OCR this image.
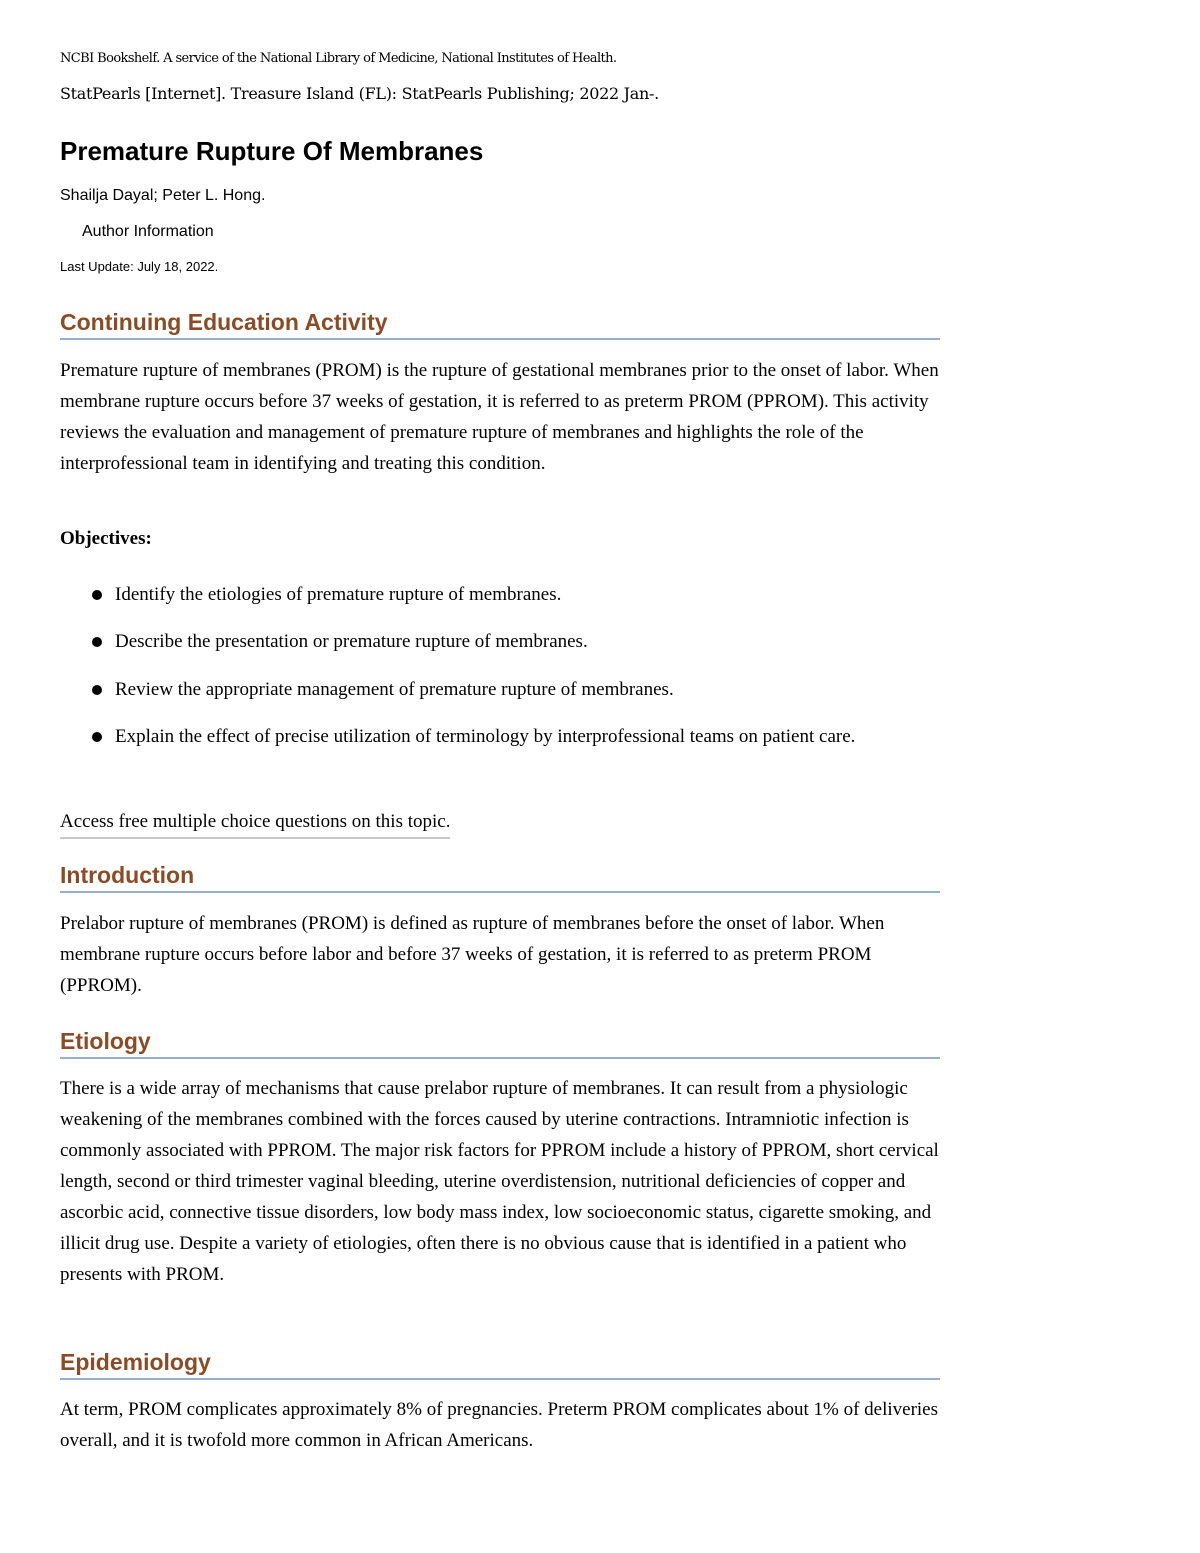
NCBI Bookshelf. A service of the National Library of Medicine, National Institutes of Health.
StatPearls [Internet]. Treasure Island (FL): StatPearls Publishing; 2022 Jan-.
Premature Rupture Of Membranes
Shailja Dayal; Peter L. Hong.
Author Information
Last Update: July 18, 2022.
Continuing Education Activity

Premature rupture of membranes (PROM) is the rupture of gestational membranes prior to the onset of labor. When membrane rupture occurs before 37 weeks of gestation, it is referred to as preterm PROM (PPROM). This activity reviews the evaluation and management of premature rupture of membranes and highlights the role of the interprofessional team in identifying and treating this condition.

Objectives:
Identify the etiologies of premature rupture of membranes.
Describe the presentation or premature rupture of membranes.
Review the appropriate management of premature rupture of membranes.
Explain the effect of precise utilization of terminology by interprofessional teams on patient care.
Access free multiple choice questions on this topic.
Introduction

Prelabor rupture of membranes (PROM) is defined as rupture of membranes before the onset of labor. When membrane rupture occurs before labor and before 37 weeks of gestation, it is referred to as preterm PROM (PPROM).

Etiology

There is a wide array of mechanisms that cause prelabor rupture of membranes. It can result from a physiologic weakening of the membranes combined with the forces caused by uterine contractions. Intramniotic infection is commonly associated with PPROM. The major risk factors for PPROM include a history of PPROM, short cervical length, second or third trimester vaginal bleeding, uterine overdistension, nutritional deficiencies of copper and ascorbic acid, connective tissue disorders, low body mass index, low socioeconomic status, cigarette smoking, and illicit drug use. Despite a variety of etiologies, often there is no obvious cause that is identified in a patient who presents with PROM.

Epidemiology

At term, PROM complicates approximately 8% of pregnancies. Preterm PROM complicates about 1% of deliveries overall, and it is twofold more common in African Americans.
